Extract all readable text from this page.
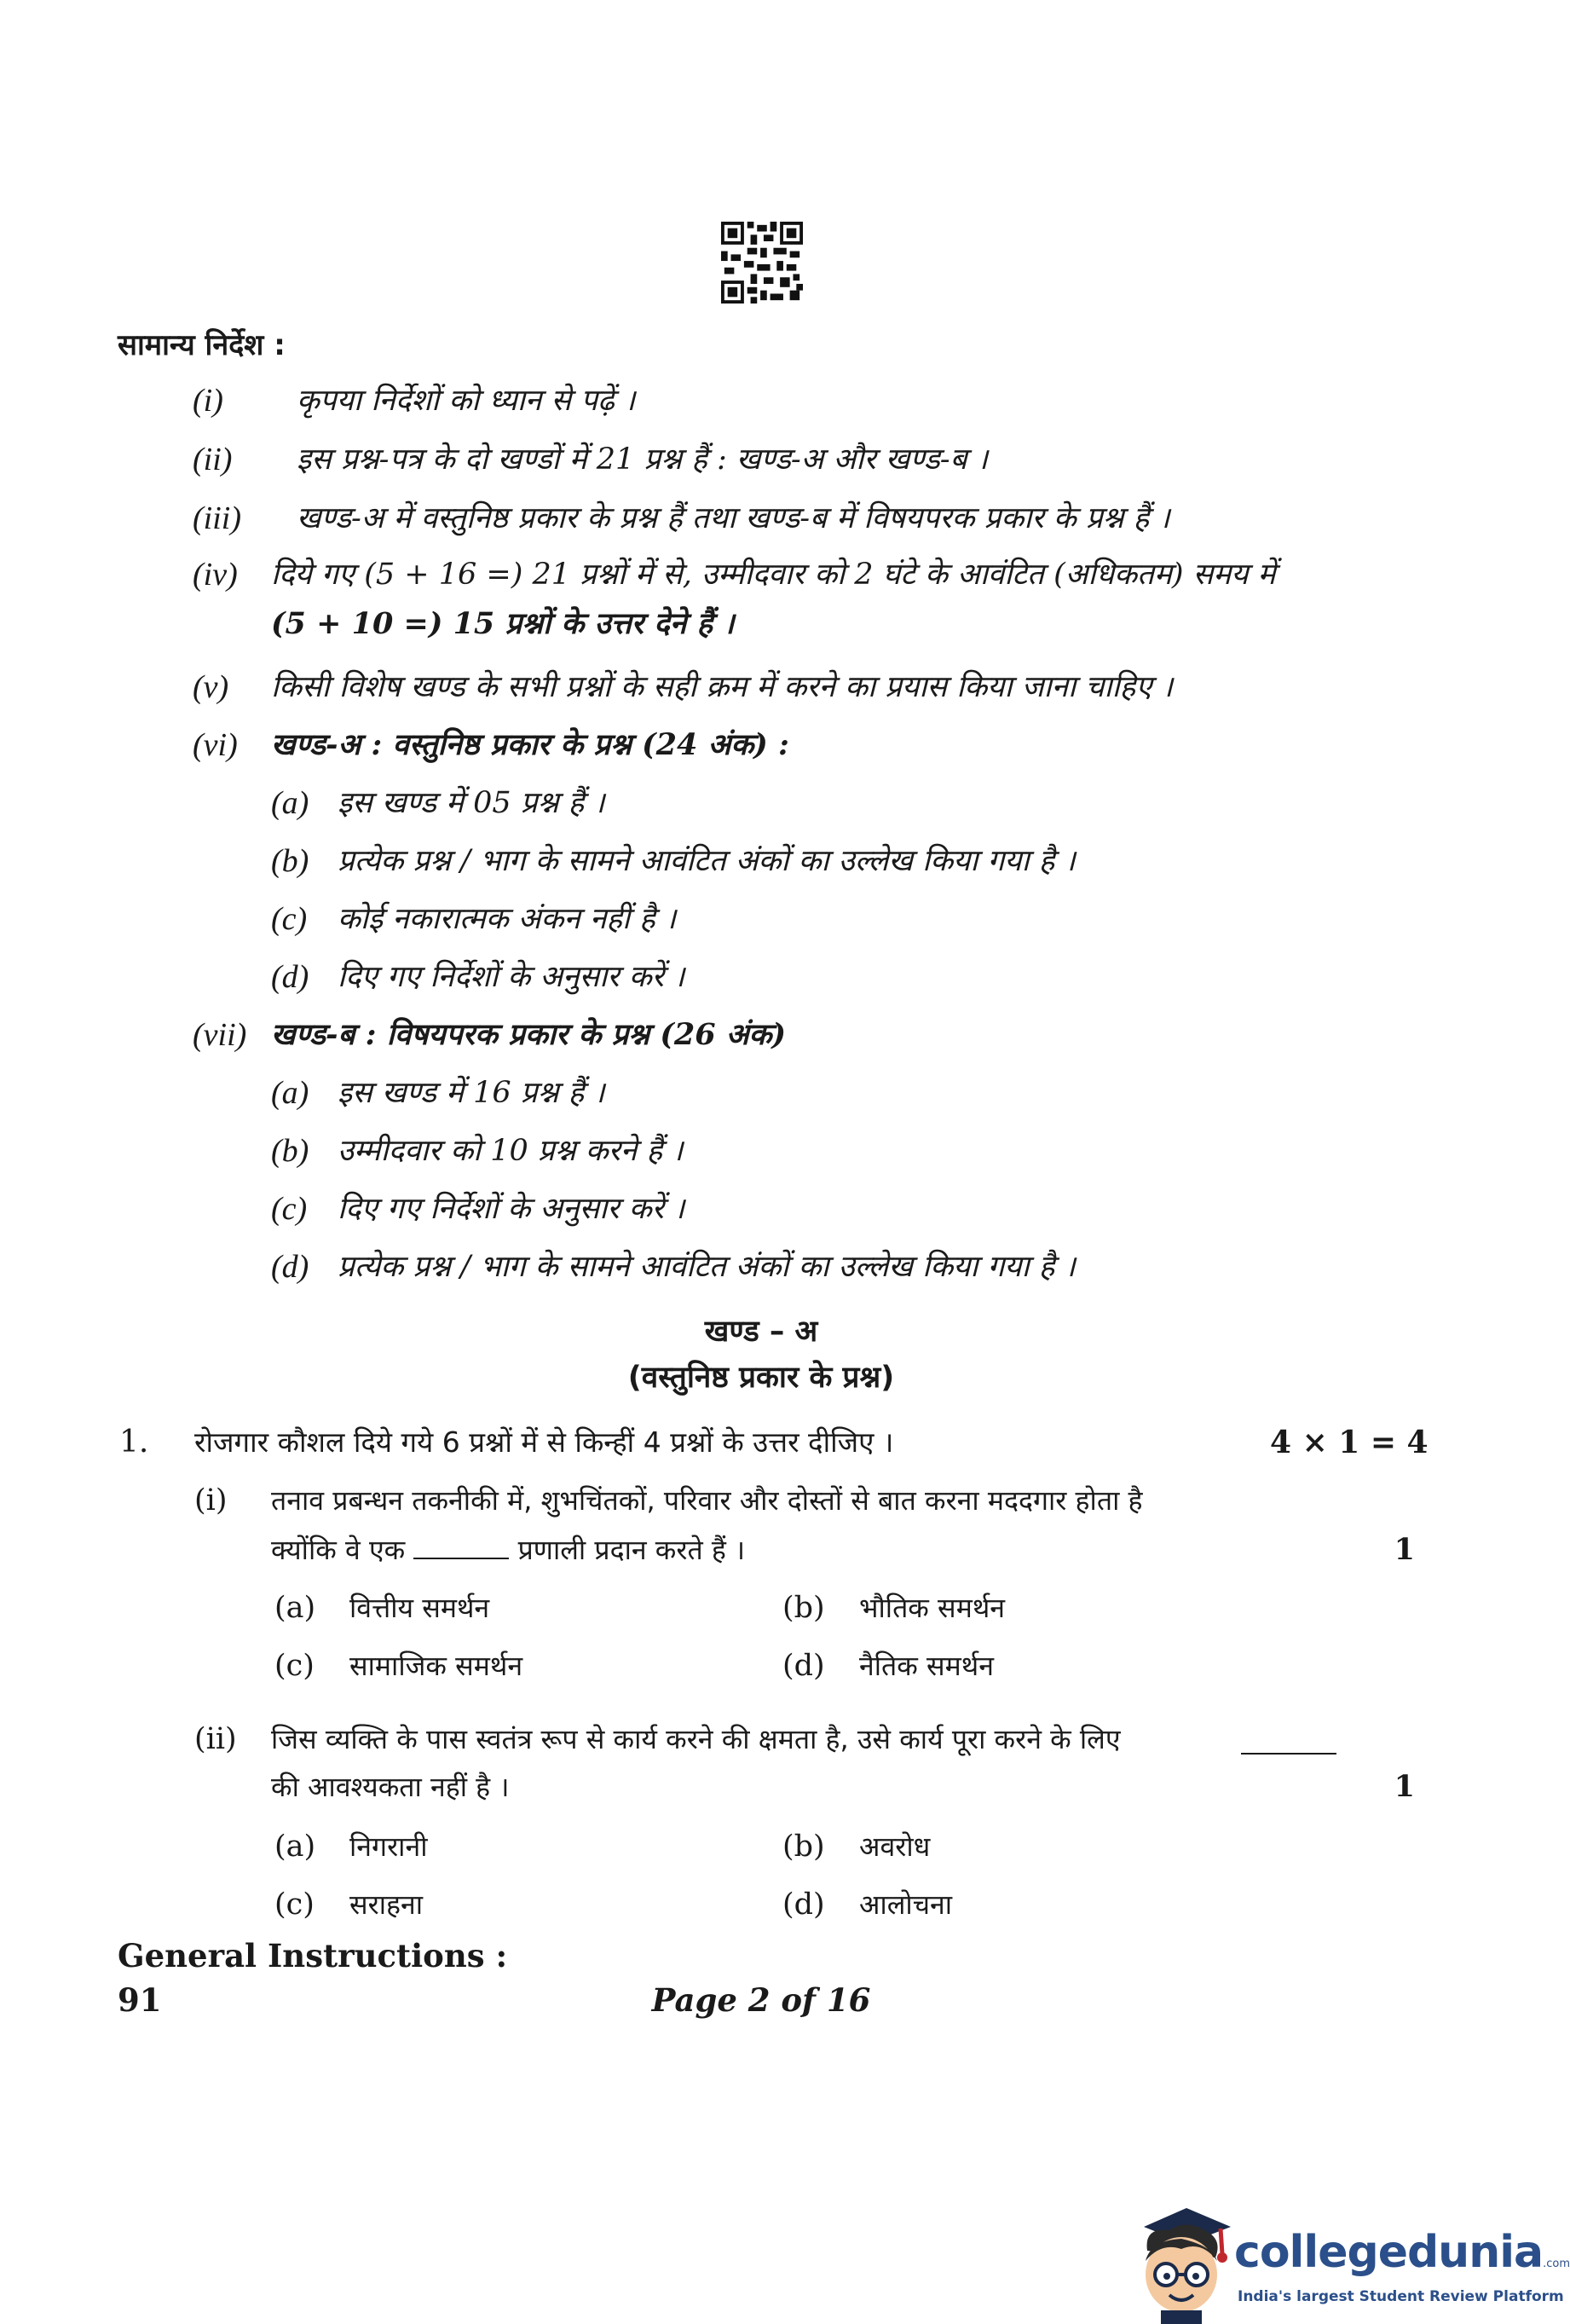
सामान्य निर्देश :
(i) कृपया निर्देशों को ध्यान से पढ़ें ।
(ii) इस प्रश्न-पत्र के दो खण्डों में 21 प्रश्न हैं : खण्ड-अ और खण्ड-ब ।
(iii) खण्ड-अ में वस्तुनिष्ठ प्रकार के प्रश्न हैं तथा खण्ड-ब में विषयपरक प्रकार के प्रश्न हैं ।
(iv) दिये गए (5 + 16 =) 21 प्रश्नों में से, उम्मीदवार को 2 घंटे के आवंटित (अधिकतम) समय में
(5 + 10 =) 15 प्रश्नों के उत्तर देने हैं ।
(v) किसी विशेष खण्ड के सभी प्रश्नों के सही क्रम में करने का प्रयास किया जाना चाहिए ।
(vi) खण्ड-अ : वस्तुनिष्ठ प्रकार के प्रश्न (24 अंक) :
(a) इस खण्ड में 05 प्रश्न हैं ।
(b) प्रत्येक प्रश्न / भाग के सामने आवंटित अंकों का उल्लेख किया गया है ।
(c) कोई नकारात्मक अंकन नहीं है ।
(d) दिए गए निर्देशों के अनुसार करें ।
(vii) खण्ड-ब : विषयपरक प्रकार के प्रश्न (26 अंक)
(a) इस खण्ड में 16 प्रश्न हैं ।
(b) उम्मीदवार को 10 प्रश्न करने हैं ।
(c) दिए गए निर्देशों के अनुसार करें ।
(d) प्रत्येक प्रश्न / भाग के सामने आवंटित अंकों का उल्लेख किया गया है ।
खण्ड – अ
(वस्तुनिष्ठ प्रकार के प्रश्न)
1. रोजगार कौशल दिये गये 6 प्रश्नों में से किन्हीं 4 प्रश्नों के उत्तर दीजिए ।	4 × 1 = 4
(i) तनाव प्रबन्धन तकनीकी में, शुभचिंतकों, परिवार और दोस्तों से बात करना मददगार होता है
क्योंकि वे एक	प्रणाली प्रदान करते हैं ।	1
(a) वित्तीय समर्थन	(b) भौतिक समर्थन
(c) सामाजिक समर्थन	(d) नैतिक समर्थन
(ii) जिस व्यक्ति के पास स्वतंत्र रूप से कार्य करने की क्षमता है, उसे कार्य पूरा करने के लिए
की आवश्यकता नहीं है ।	1
(a) निगरानी	(b) अवरोध
(c) सराहना	(d) आलोचना
General Instructions :
91	Page 2 of 16
collegedunia.com
India's largest Student Review Platform
